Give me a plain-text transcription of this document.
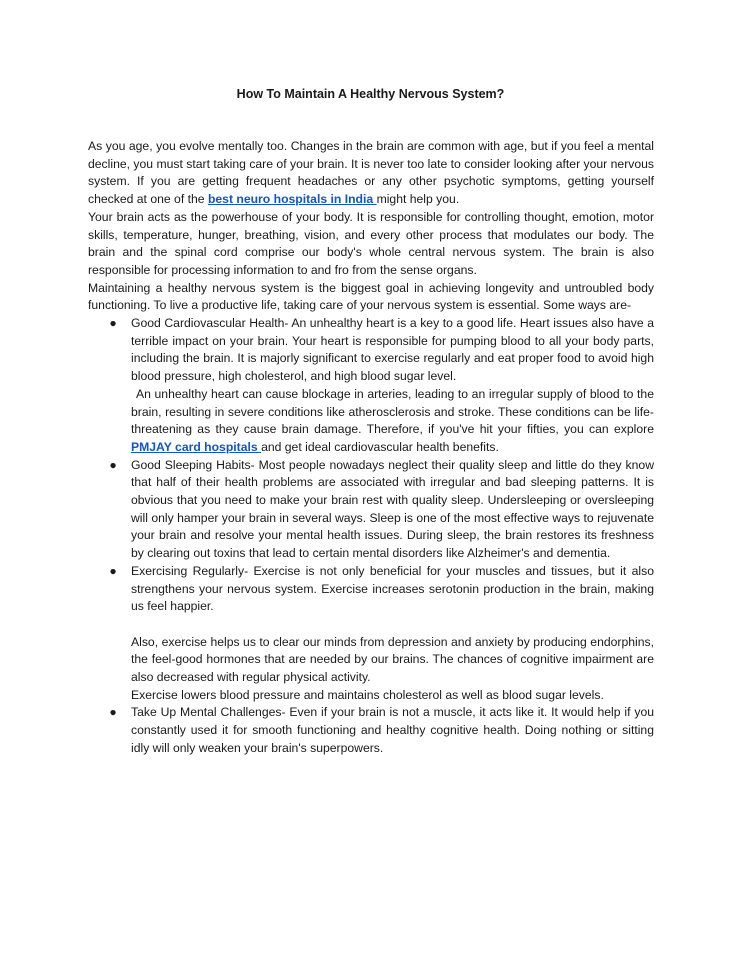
How To Maintain A Healthy Nervous System?

As you age, you evolve mentally too. Changes in the brain are common with age, but if you feel a mental decline, you must start taking care of your brain. It is never too late to consider looking after your nervous system. If you are getting frequent headaches or any other psychotic symptoms, getting yourself checked at one of the best neuro hospitals in India might help you.

Your brain acts as the powerhouse of your body. It is responsible for controlling thought, emotion, motor skills, temperature, hunger, breathing, vision, and every other process that modulates our body. The brain and the spinal cord comprise our body's whole central nervous system. The brain is also responsible for processing information to and fro from the sense organs.

Maintaining a healthy nervous system is the biggest goal in achieving longevity and untroubled body functioning. To live a productive life, taking care of your nervous system is essential. Some ways are-

● Good Cardiovascular Health- An unhealthy heart is a key to a good life. Heart issues also have a terrible impact on your brain. Your heart is responsible for pumping blood to all your body parts, including the brain. It is majorly significant to exercise regularly and eat proper food to avoid high blood pressure, high cholesterol, and high blood sugar level.

An unhealthy heart can cause blockage in arteries, leading to an irregular supply of blood to the brain, resulting in severe conditions like atherosclerosis and stroke. These conditions can be life-threatening as they cause brain damage. Therefore, if you've hit your fifties, you can explore PMJAY card hospitals and get ideal cardiovascular health benefits.

● Good Sleeping Habits- Most people nowadays neglect their quality sleep and little do they know that half of their health problems are associated with irregular and bad sleeping patterns. It is obvious that you need to make your brain rest with quality sleep. Undersleeping or oversleeping will only hamper your brain in several ways. Sleep is one of the most effective ways to rejuvenate your brain and resolve your mental health issues. During sleep, the brain restores its freshness by clearing out toxins that lead to certain mental disorders like Alzheimer's and dementia.

● Exercising Regularly- Exercise is not only beneficial for your muscles and tissues, but it also strengthens your nervous system. Exercise increases serotonin production in the brain, making us feel happier.

Also, exercise helps us to clear our minds from depression and anxiety by producing endorphins, the feel-good hormones that are needed by our brains. The chances of cognitive impairment are also decreased with regular physical activity.

Exercise lowers blood pressure and maintains cholesterol as well as blood sugar levels.

● Take Up Mental Challenges- Even if your brain is not a muscle, it acts like it. It would help if you constantly used it for smooth functioning and healthy cognitive health. Doing nothing or sitting idly will only weaken your brain's superpowers.
